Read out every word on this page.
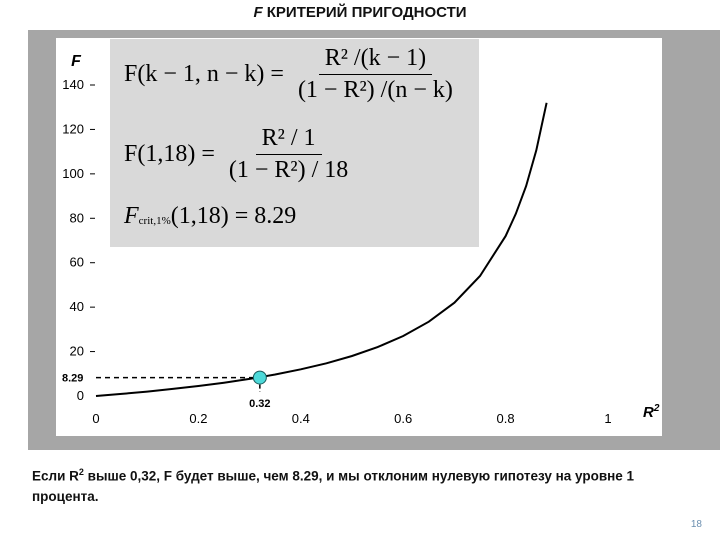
F КРИТЕРИЙ ПРИГОДНОСТИ
0
20
40
60
80
100
120
140
0	0.2	0.4	0.6	0.8	1
F
$R^2$
8.29
0.32
F(k − 1, $n - k) = \frac{\text{R² /(k − 1)}}{\text{(1 − R²) /(n − k)}}$
$F(1,18) = \frac{\text{R² / 1}}{\text{(1 − R²) / 18}}$
F crit,1% (1,18) = 8.29
Если $R^2$ выше 0,32, F будет выше, чем 8.29, и мы отклоним нулевую гипотезу на уровне 1 процента.
18
